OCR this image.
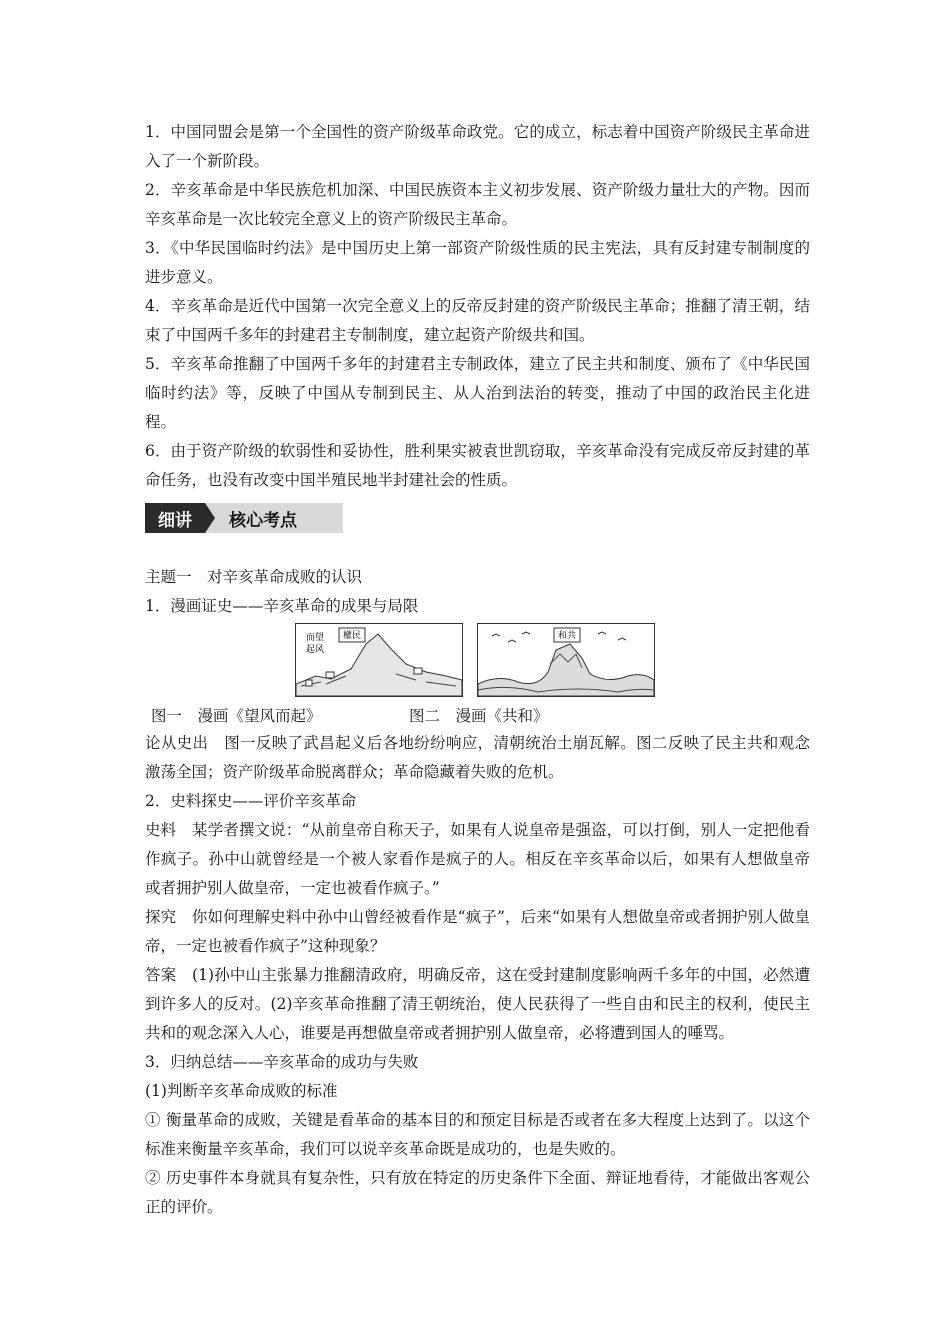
1．中国同盟会是第一个全国性的资产阶级革命政党。它的成立，标志着中国资产阶级民主革命进入了一个新阶段。

2．辛亥革命是中华民族危机加深、中国民族资本主义初步发展、资产阶级力量壮大的产物。因而辛亥革命是一次比较完全意义上的资产阶级民主革命。

3．《中华民国临时约法》是中国历史上第一部资产阶级性质的民主宪法，具有反封建专制制度的进步意义。

4．辛亥革命是近代中国第一次完全意义上的反帝反封建的资产阶级民主革命；推翻了清王朝，结束了中国两千多年的封建君主专制制度，建立起资产阶级共和国。

5．辛亥革命推翻了中国两千多年的封建君主专制政体，建立了民主共和制度、颁布了《中华民国临时约法》等，反映了中国从专制到民主、从人治到法治的转变，推动了中国的政治民主化进程。

6．由于资产阶级的软弱性和妥协性，胜利果实被袁世凯窃取，辛亥革命没有完成反帝反封建的革命任务，也没有改变中国半殖民地半封建社会的性质。

细讲	核心考点

主题一　对辛亥革命成败的认识

1．漫画证史——辛亥革命的成果与局限

而望
起风
權民	和共

图一　漫画《望风而起》	图二　漫画《共和》

论从史出　图一反映了武昌起义后各地纷纷响应，清朝统治土崩瓦解。图二反映了民主共和观念激荡全国；资产阶级革命脱离群众；革命隐藏着失败的危机。

2．史料探史——评价辛亥革命

史料　某学者撰文说：“从前皇帝自称天子，如果有人说皇帝是强盗，可以打倒，别人一定把他看作疯子。孙中山就曾经是一个被人家看作是疯子的人。相反在辛亥革命以后，如果有人想做皇帝或者拥护别人做皇帝，一定也被看作疯子。”

探究　你如何理解史料中孙中山曾经被看作是“疯子”，后来“如果有人想做皇帝或者拥护别人做皇帝，一定也被看作疯子”这种现象？

答案　(1)孙中山主张暴力推翻清政府，明确反帝，这在受封建制度影响两千多年的中国，必然遭到许多人的反对。(2)辛亥革命推翻了清王朝统治，使人民获得了一些自由和民主的权利，使民主共和的观念深入人心，谁要是再想做皇帝或者拥护别人做皇帝，必将遭到国人的唾骂。

3．归纳总结——辛亥革命的成功与失败

(1)判断辛亥革命成败的标准

① 衡量革命的成败，关键是看革命的基本目的和预定目标是否或者在多大程度上达到了。以这个标准来衡量辛亥革命，我们可以说辛亥革命既是成功的，也是失败的。

② 历史事件本身就具有复杂性，只有放在特定的历史条件下全面、辩证地看待，才能做出客观公正的评价。
